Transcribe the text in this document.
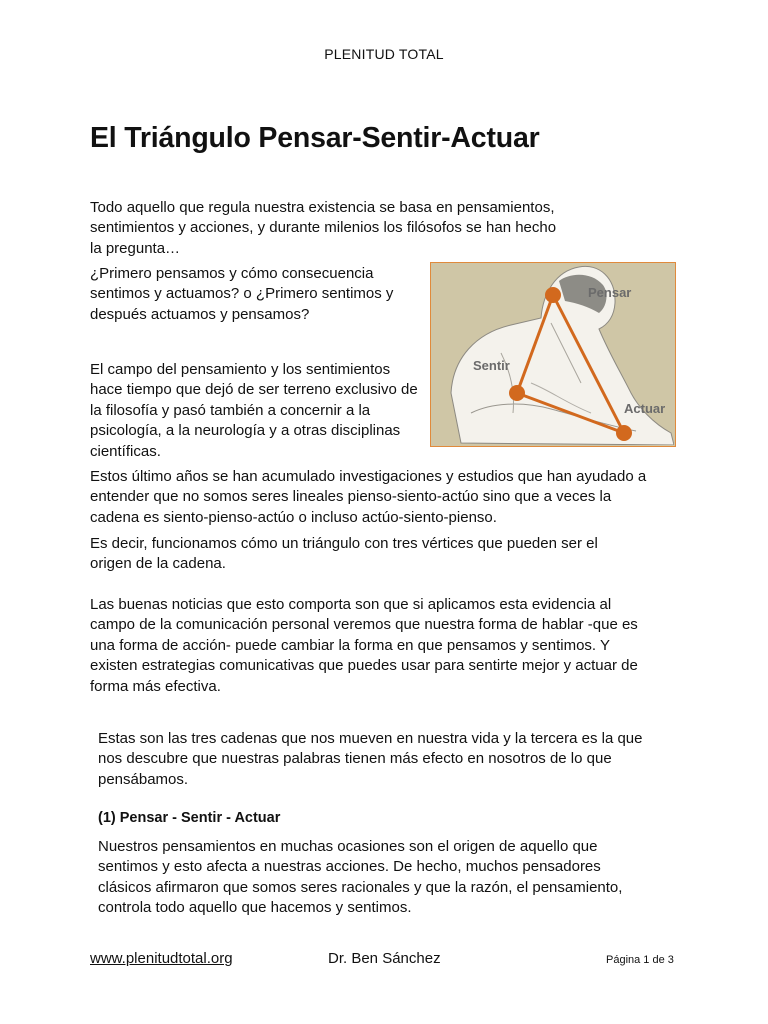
PLENITUD TOTAL
El Triángulo Pensar-Sentir-Actuar

Todo aquello que regula nuestra existencia se basa en pensamientos, sentimientos y acciones, y durante milenios los filósofos se han hecho la pregunta…

¿Primero pensamos y cómo consecuencia sentimos y actuamos? o ¿Primero sentimos y después actuamos y pensamos?

El campo del pensamiento y los sentimientos hace tiempo que dejó de ser terreno exclusivo de la filosofía y pasó también a concernir a la psicología, a la neurología y a otras disciplinas científicas.

Pensar
Sentir
Actuar

Estos último años se han acumulado investigaciones y estudios que han ayudado a entender que no somos seres lineales pienso-siento-actúo sino que a veces la cadena es siento-pienso-actúo o incluso actúo-siento-pienso.

Es decir, funcionamos cómo un triángulo con tres vértices que pueden ser el origen de la cadena.

Las buenas noticias que esto comporta son que si aplicamos esta evidencia al campo de la comunicación personal veremos que nuestra forma de hablar -que es una forma de acción- puede cambiar la forma en que pensamos y sentimos. Y existen estrategias comunicativas que puedes usar para sentirte mejor y actuar de forma más efectiva.

Estas son las tres cadenas que nos mueven en nuestra vida y la tercera es la que nos descubre que nuestras palabras tienen más efecto en nosotros de lo que pensábamos.

(1) Pensar - Sentir - Actuar

Nuestros pensamientos en muchas ocasiones son el origen de aquello que sentimos y esto afecta a nuestras acciones. De hecho, muchos pensadores clásicos afirmaron que somos seres racionales y que la razón, el pensamiento, controla todo aquello que hacemos y sentimos.

www.plenitudtotal.org	Dr. Ben Sánchez	Página 1 de 3
